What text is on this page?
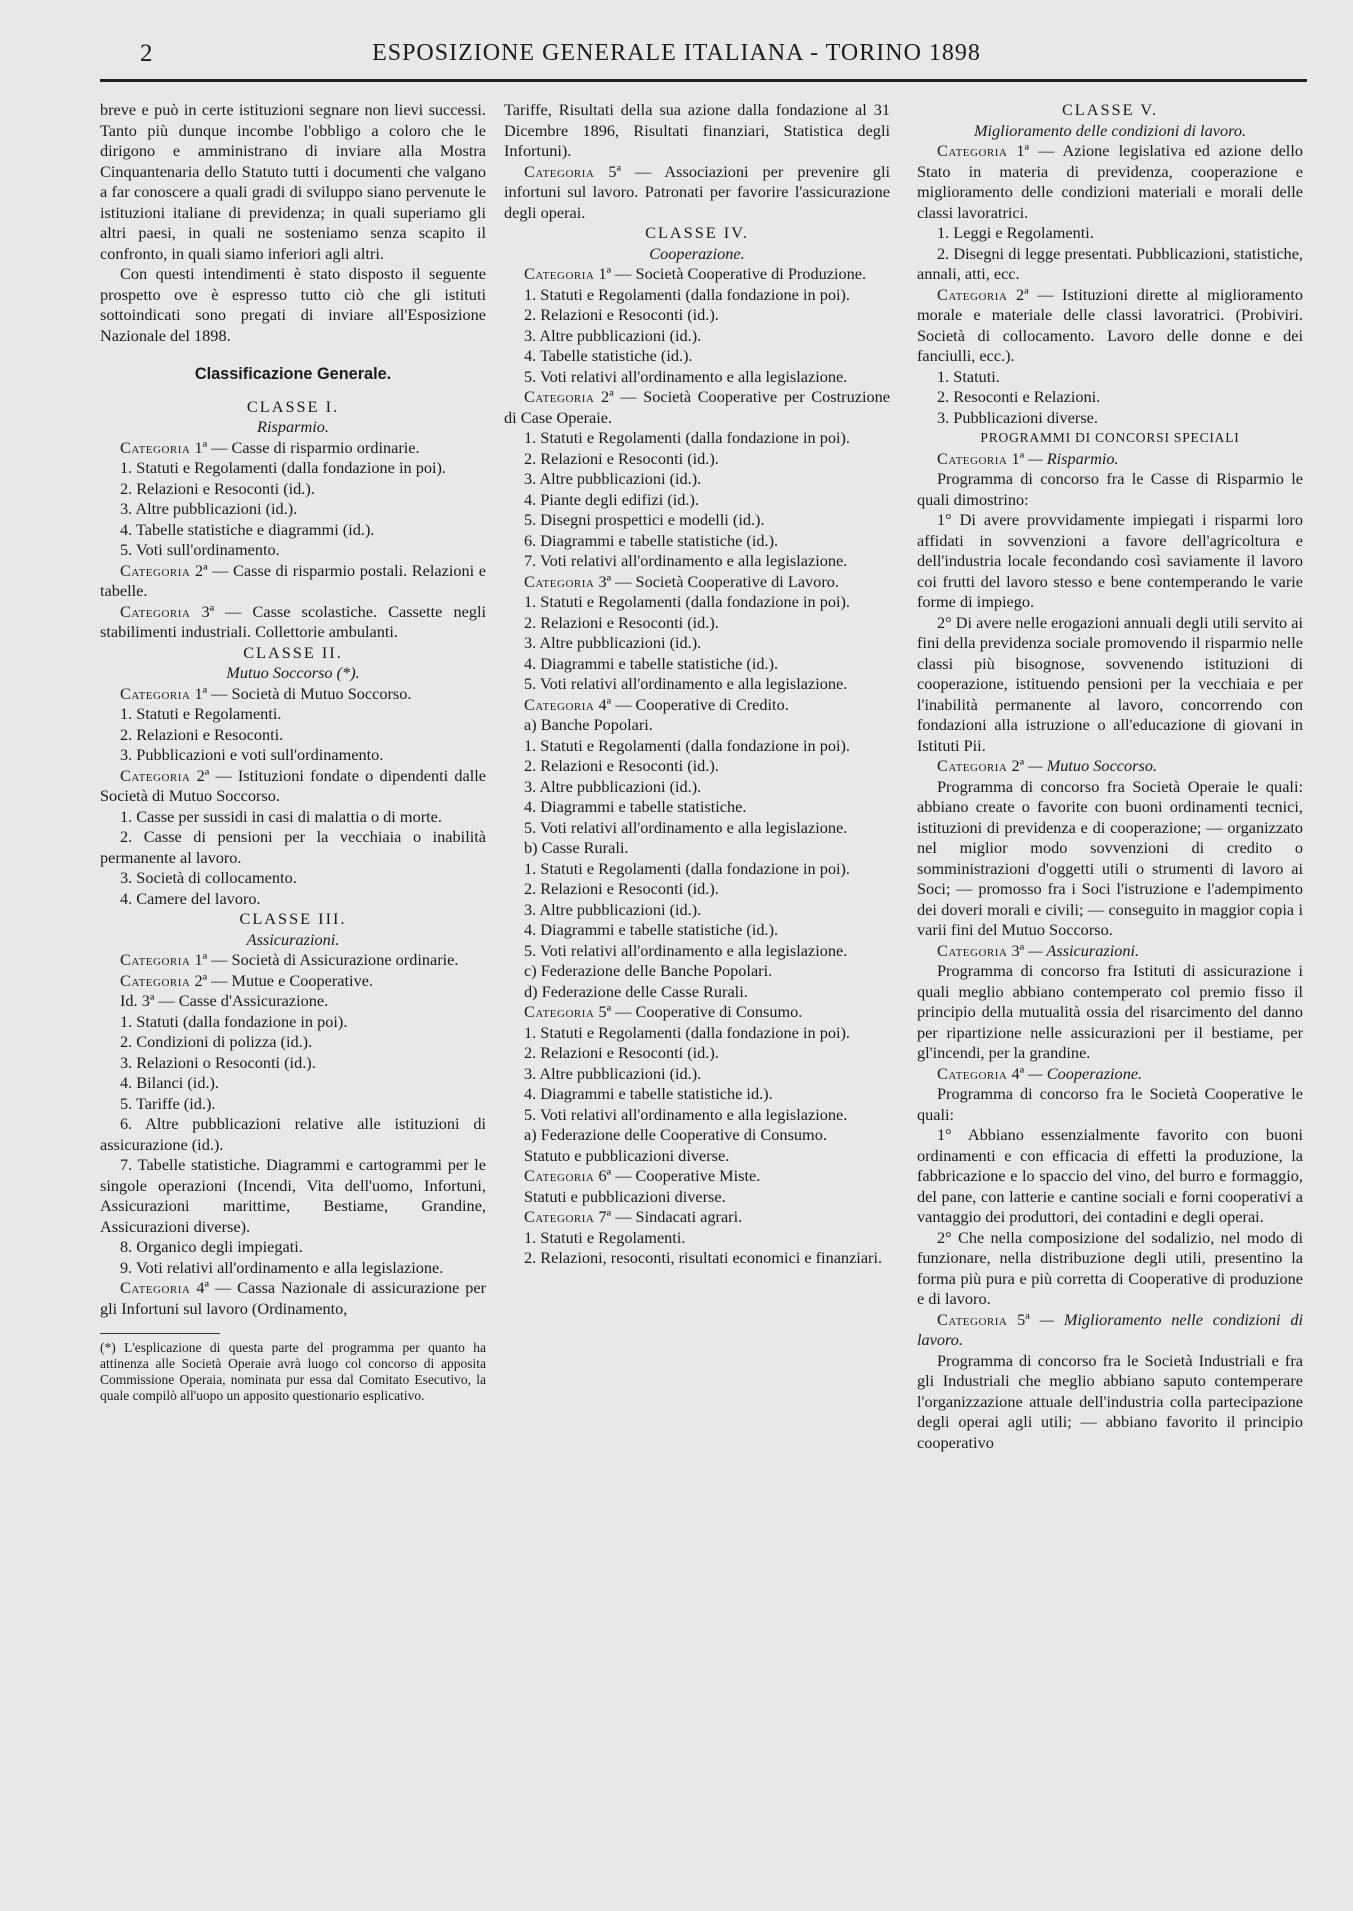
2	ESPOSIZIONE GENERALE ITALIANA - TORINO 1898

breve e può in certe istituzioni segnare non lievi successi. Tanto più dunque incombe l'obbligo a coloro che le dirigono e amministrano di inviare alla Mostra Cinquantenaria dello Statuto tutti i documenti che valgano a far conoscere a quali gradi di sviluppo siano pervenute le istituzioni italiane di previdenza; in quali superiamo gli altri paesi, in quali ne sosteniamo senza scapito il confronto, in quali siamo inferiori agli altri.

Con questi intendimenti è stato disposto il seguente prospetto ove è espresso tutto ciò che gli istituti sottoindicati sono pregati di inviare all'Esposizione Nazionale del 1898.

Classificazione Generale.

CLASSE I.

Risparmio.

Categoria 1ª — Casse di risparmio ordinarie.

1. Statuti e Regolamenti (dalla fondazione in poi).

2. Relazioni e Resoconti (id.).

3. Altre pubblicazioni (id.).

4. Tabelle statistiche e diagrammi (id.).

5. Voti sull'ordinamento.

Categoria 2ª — Casse di risparmio postali. Relazioni e tabelle.

Categoria 3ª — Casse scolastiche. Cassette negli stabilimenti industriali. Collettorie ambulanti.

CLASSE II.

Mutuo Soccorso (*).

Categoria 1ª — Società di Mutuo Soccorso.

1. Statuti e Regolamenti.

2. Relazioni e Resoconti.

3. Pubblicazioni e voti sull'ordinamento.

Categoria 2ª — Istituzioni fondate o dipendenti dalle Società di Mutuo Soccorso.

1. Casse per sussidi in casi di malattia o di morte.

2. Casse di pensioni per la vecchiaia o inabilità permanente al lavoro.

3. Società di collocamento.

4. Camere del lavoro.

CLASSE III.

Assicurazioni.

Categoria 1ª — Società di Assicurazione ordinarie.

Categoria 2ª — Mutue e Cooperative.

Id. 3ª — Casse d'Assicurazione.

1. Statuti (dalla fondazione in poi).

2. Condizioni di polizza (id.).

3. Relazioni o Resoconti (id.).

4. Bilanci (id.).

5. Tariffe (id.).

6. Altre pubblicazioni relative alle istituzioni di assicurazione (id.).

7. Tabelle statistiche. Diagrammi e cartogrammi per le singole operazioni (Incendi, Vita dell'uomo, Infortuni, Assicurazioni marittime, Bestiame, Grandine, Assicurazioni diverse).

8. Organico degli impiegati.

9. Voti relativi all'ordinamento e alla legislazione.

Categoria 4ª — Cassa Nazionale di assicurazione per gli Infortuni sul lavoro (Ordinamento,

(*) L'esplicazione di questa parte del programma per quanto ha attinenza alle Società Operaie avrà luogo col concorso di apposita Commissione Operaia, nominata pur essa dal Comitato Esecutivo, la quale compilò all'uopo un apposito questionario esplicativo.

Tariffe, Risultati della sua azione dalla fondazione al 31 Dicembre 1896, Risultati finanziari, Statistica degli Infortuni).

Categoria 5ª — Associazioni per prevenire gli infortuni sul lavoro. Patronati per favorire l'assicurazione degli operai.

CLASSE IV.

Cooperazione.

Categoria 1ª — Società Cooperative di Produzione.

1. Statuti e Regolamenti (dalla fondazione in poi).

2. Relazioni e Resoconti (id.).

3. Altre pubblicazioni (id.).

4. Tabelle statistiche (id.).

5. Voti relativi all'ordinamento e alla legislazione.

Categoria 2ª — Società Cooperative per Costruzione di Case Operaie.

1. Statuti e Regolamenti (dalla fondazione in poi).

2. Relazioni e Resoconti (id.).

3. Altre pubblicazioni (id.).

4. Piante degli edifizi (id.).

5. Disegni prospettici e modelli (id.).

6. Diagrammi e tabelle statistiche (id.).

7. Voti relativi all'ordinamento e alla legislazione.

Categoria 3ª — Società Cooperative di Lavoro.

1. Statuti e Regolamenti (dalla fondazione in poi).

2. Relazioni e Resoconti (id.).

3. Altre pubblicazioni (id.).

4. Diagrammi e tabelle statistiche (id.).

5. Voti relativi all'ordinamento e alla legislazione.

Categoria 4ª — Cooperative di Credito.

a) Banche Popolari.

1. Statuti e Regolamenti (dalla fondazione in poi).

2. Relazioni e Resoconti (id.).

3. Altre pubblicazioni (id.).

4. Diagrammi e tabelle statistiche.

5. Voti relativi all'ordinamento e alla legislazione.

b) Casse Rurali.

1. Statuti e Regolamenti (dalla fondazione in poi).

2. Relazioni e Resoconti (id.).

3. Altre pubblicazioni (id.).

4. Diagrammi e tabelle statistiche (id.).

5. Voti relativi all'ordinamento e alla legislazione.

c) Federazione delle Banche Popolari.

d) Federazione delle Casse Rurali.

Categoria 5ª — Cooperative di Consumo.

1. Statuti e Regolamenti (dalla fondazione in poi).

2. Relazioni e Resoconti (id.).

3. Altre pubblicazioni (id.).

4. Diagrammi e tabelle statistiche id.).

5. Voti relativi all'ordinamento e alla legislazione.

a) Federazione delle Cooperative di Consumo.

Statuto e pubblicazioni diverse.

Categoria 6ª — Cooperative Miste.

Statuti e pubblicazioni diverse.

Categoria 7ª — Sindacati agrari.

1. Statuti e Regolamenti.

2. Relazioni, resoconti, risultati economici e finanziari.

CLASSE V.

Miglioramento delle condizioni di lavoro.

Categoria 1ª — Azione legislativa ed azione dello Stato in materia di previdenza, cooperazione e miglioramento delle condizioni materiali e morali delle classi lavoratrici.

1. Leggi e Regolamenti.

2. Disegni di legge presentati. Pubblicazioni, statistiche, annali, atti, ecc.

Categoria 2ª — Istituzioni dirette al miglioramento morale e materiale delle classi lavoratrici. (Probiviri. Società di collocamento. Lavoro delle donne e dei fanciulli, ecc.).

1. Statuti.

2. Resoconti e Relazioni.

3. Pubblicazioni diverse.

PROGRAMMI DI CONCORSI SPECIALI

Categoria 1ª — Risparmio.

Programma di concorso fra le Casse di Risparmio le quali dimostrino:

1° Di avere provvidamente impiegati i risparmi loro affidati in sovvenzioni a favore dell'agricoltura e dell'industria locale fecondando così saviamente il lavoro coi frutti del lavoro stesso e bene contemperando le varie forme di impiego.

2° Di avere nelle erogazioni annuali degli utili servito ai fini della previdenza sociale promovendo il risparmio nelle classi più bisognose, sovvenendo istituzioni di cooperazione, istituendo pensioni per la vecchiaia e per l'inabilità permanente al lavoro, concorrendo con fondazioni alla istruzione o all'educazione di giovani in Istituti Pii.

Categoria 2ª — Mutuo Soccorso.

Programma di concorso fra Società Operaie le quali: abbiano create o favorite con buoni ordinamenti tecnici, istituzioni di previdenza e di cooperazione; — organizzato nel miglior modo sovvenzioni di credito o somministrazioni d'oggetti utili o strumenti di lavoro ai Soci; — promosso fra i Soci l'istruzione e l'adempimento dei doveri morali e civili; — conseguito in maggior copia i varii fini del Mutuo Soccorso.

Categoria 3ª — Assicurazioni.

Programma di concorso fra Istituti di assicurazione i quali meglio abbiano contemperato col premio fisso il principio della mutualità ossia del risarcimento del danno per ripartizione nelle assicurazioni per il bestiame, per gl'incendi, per la grandine.

Categoria 4ª — Cooperazione.

Programma di concorso fra le Società Cooperative le quali:

1° Abbiano essenzialmente favorito con buoni ordinamenti e con efficacia di effetti la produzione, la fabbricazione e lo spaccio del vino, del burro e formaggio, del pane, con latterie e cantine sociali e forni cooperativi a vantaggio dei produttori, dei contadini e degli operai.

2° Che nella composizione del sodalizio, nel modo di funzionare, nella distribuzione degli utili, presentino la forma più pura e più corretta di Cooperative di produzione e di lavoro.

Categoria 5ª — Miglioramento nelle condizioni di lavoro.

Programma di concorso fra le Società Industriali e fra gli Industriali che meglio abbiano saputo contemperare l'organizzazione attuale dell'industria colla partecipazione degli operai agli utili; — abbiano favorito il principio cooperativo
